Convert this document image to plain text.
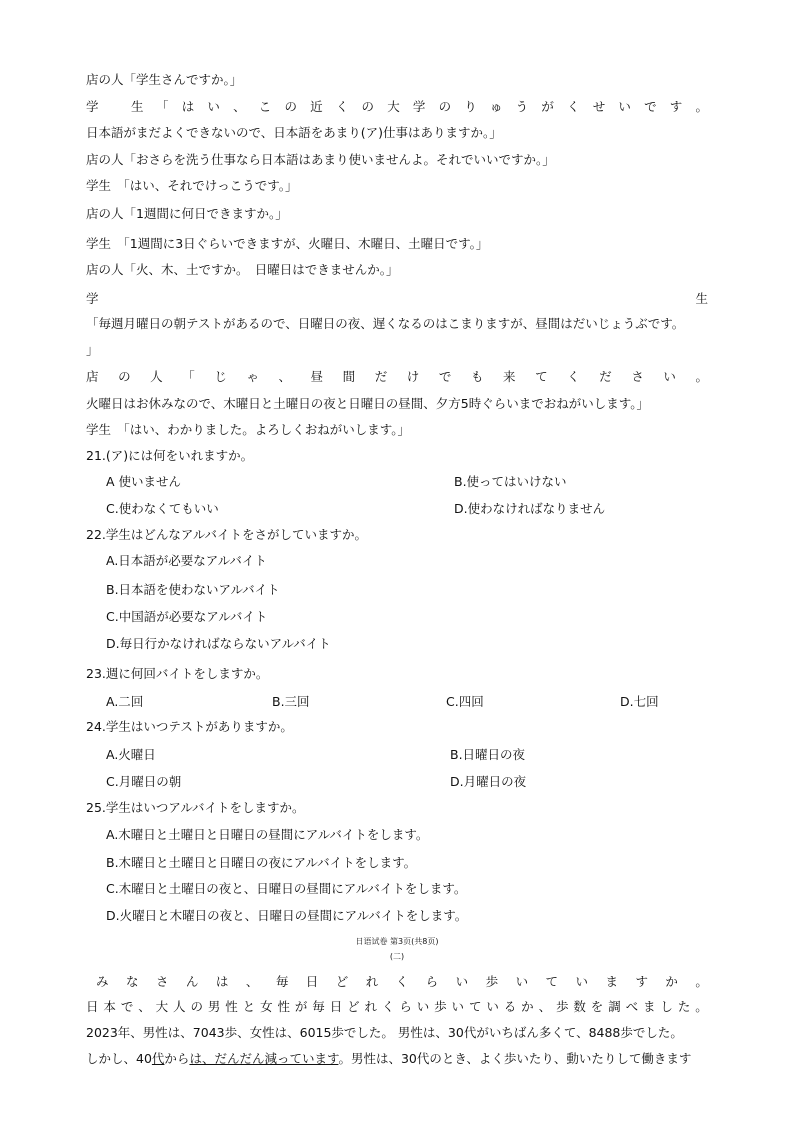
店の人「学生さんですか。」
学　生 「 は い 、 こ の 近 く の 大 学 の り ゅ う が く せ い で す 。
日本語がまだよくできないので、日本語をあまり(ア)仕事はありますか。」
店の人「おさらを洗う仕事なら日本語はあまり使いませんよ。それでいいですか。」
学生　「はい、それでけっこうです。」
店の人「1週間に何日できますか。」
学生　「1週間に3日ぐらいできますが、火曜日、木曜日、土曜日です。」
店の人「火、木、土ですか。　日曜日はできませんか。」
学	生
「毎週月曜日の朝テストがあるので、日曜日の夜、遅くなるのはこまりますが、昼間はだいじょうぶです。
」
店 の 人 「 じ ゃ 、 昼 間 だ け で も 来 て く だ さ い 。
火曜日はお休みなので、木曜日と土曜日の夜と日曜日の昼間、夕方5時ぐらいまでおねがいします。」
学生　「はい、わかりました。よろしくおねがいします。」
21.(ア)には何をいれますか。
A 使いません	B.使ってはいけない
C.使わなくてもいい	D.使わなければなりません
22.学生はどんなアルバイトをさがしていますか。
A.日本語が必要なアルバイト
B.日本語を使わないアルバイト
C.中国語が必要なアルバイト
D.毎日行かなければならないアルバイト
23.週に何回バイトをしますか。
A.二回	B.三回	C.四回	D.七回
24.学生はいつテストがありますか。
A.火曜日	B.日曜日の夜
C.月曜日の朝	D.月曜日の夜
25.学生はいつアルバイトをしますか。
A.木曜日と土曜日と日曜日の昼間にアルバイトをします。
B.木曜日と土曜日と日曜日の夜にアルバイトをします。
C.木曜日と土曜日の夜と、日曜日の昼間にアルバイトをします。
D.火曜日と木曜日の夜と、日曜日の昼間にアルバイトをします。
日语试卷 第3页(共8页)
(二)
み な さ ん は 、 毎 日 ど れ く ら い 歩 い て い ま す か 。
日 本 で 、 大 人 の 男 性 と 女 性 が 毎 日 ど れ く ら い 歩 い て い る か 、 歩 数 を 調 べ ま し た 。
2023年、男性は、7043歩、女性は、6015歩でした。 男性は、30代がいちばん多くて、8488歩でした。
しかし、40代からは、だんだん減っています。男性は、30代のとき、よく歩いたり、動いたりして働きます
